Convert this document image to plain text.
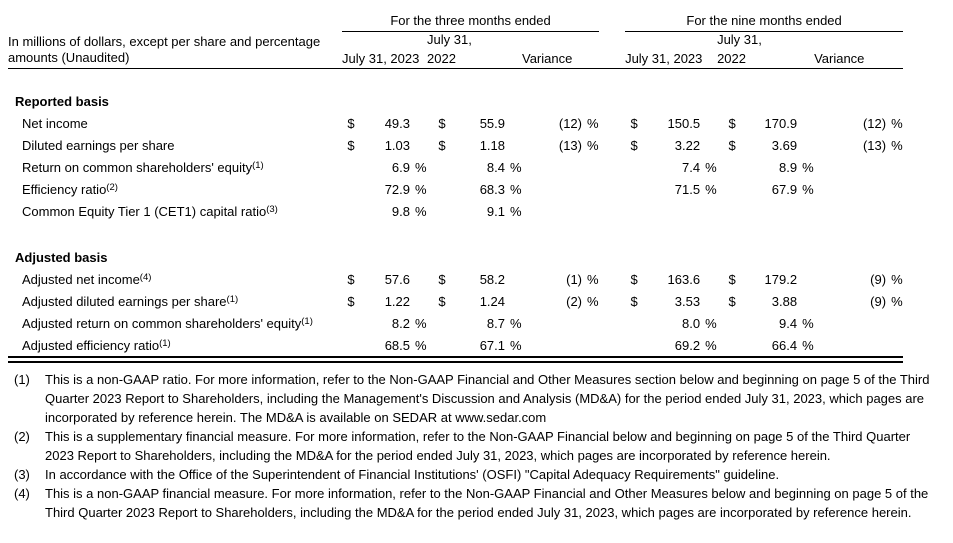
	For the three months ended									For the nine months ended							

In millions of dollars, except per share and percentage
amounts (Unaudited)				July 31,									July 31,				
	July 31, 2023			2022			Variance			July 31, 2023			2022			Variance	

Reported basis																	
Net income	$	49.3		$	55.9		(12)	%		$	150.5		$	170.9		(12)	%
Diluted earnings per share	$	1.03		$	1.18		(13)	%		$	3.22		$	3.69		(13)	%
Return on common shareholders' equity$^{(1)}$		6.9	%		8.4	%					7.4	%		8.9	%		
Efficiency ratio$^{(2)}$		72.9	%		68.3	%					71.5	%		67.9	%		
Common Equity Tier 1 (CET1) capital ratio$^{(3)}$		9.8	%		9.1	%											

Adjusted basis																	
Adjusted net income$^{(4)}$	$	57.6		$	58.2		(1)	%		$	163.6		$	179.2		(9)	%
Adjusted diluted earnings per share$^{(1)}$	$	1.22		$	1.24		(2)	%		$	3.53		$	3.88		(9)	%
Adjusted return on common shareholders' equity$^{(1)}$		8.2	%		8.7	%					8.0	%		9.4	%		
Adjusted efficiency ratio$^{(1)}$		68.5	%		67.1	%					69.2	%		66.4	%		
(1)	This is a non-GAAP ratio. For more information, refer to the Non-GAAP Financial and Other Measures section below and beginning on page 5 of the Third Quarter 2023 Report to Shareholders, including the Management's Discussion and Analysis (MD&A) for the period ended July 31, 2023, which pages are incorporated by reference herein. The MD&A is available on SEDAR at www.sedar.com
(2)	This is a supplementary financial measure. For more information, refer to the Non-GAAP Financial below and beginning on page 5 of the Third Quarter 2023 Report to Shareholders, including the MD&A for the period ended July 31, 2023, which pages are incorporated by reference herein.
(3)	In accordance with the Office of the Superintendent of Financial Institutions' (OSFI) "Capital Adequacy Requirements" guideline.
(4)	This is a non-GAAP financial measure. For more information, refer to the Non-GAAP Financial and Other Measures below and beginning on page 5 of the Third Quarter 2023 Report to Shareholders, including the MD&A for the period ended July 31, 2023, which pages are incorporated by reference herein.
